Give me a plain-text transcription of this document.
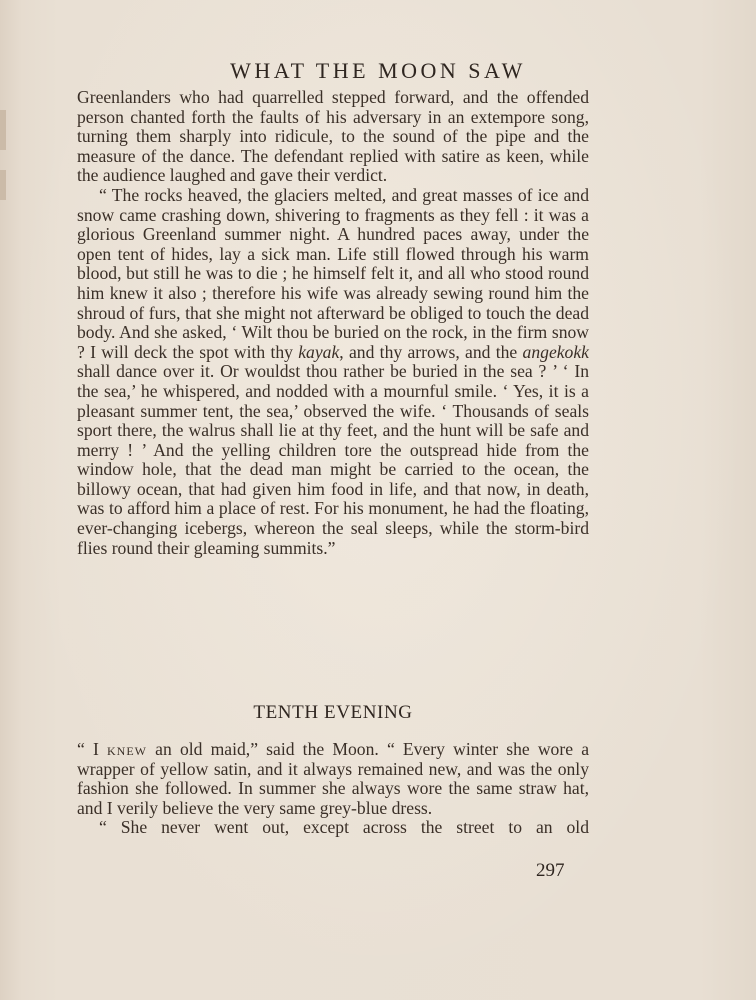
WHAT THE MOON SAW

Greenlanders who had quarrelled stepped forward, and the offended person chanted forth the faults of his adversary in an extempore song, turning them sharply into ridicule, to the sound of the pipe and the measure of the dance. The defendant replied with satire as keen, while the audience laughed and gave their verdict.

“ The rocks heaved, the glaciers melted, and great masses of ice and snow came crashing down, shivering to fragments as they fell : it was a glorious Greenland summer night. A hundred paces away, under the open tent of hides, lay a sick man. Life still flowed through his warm blood, but still he was to die ; he himself felt it, and all who stood round him knew it also ; therefore his wife was already sewing round him the shroud of furs, that she might not afterward be obliged to touch the dead body. And she asked, ‘ Wilt thou be buried on the rock, in the firm snow ? I will deck the spot with thy kayak, and thy arrows, and the angekokk shall dance over it. Or wouldst thou rather be buried in the sea ? ’ ‘ In the sea,’ he whispered, and nodded with a mournful smile. ‘ Yes, it is a pleasant summer tent, the sea,’ observed the wife. ‘ Thousands of seals sport there, the walrus shall lie at thy feet, and the hunt will be safe and merry ! ’ And the yelling children tore the outspread hide from the window hole, that the dead man might be carried to the ocean, the billowy ocean, that had given him food in life, and that now, in death, was to afford him a place of rest. For his monument, he had the floating, ever-changing icebergs, whereon the seal sleeps, while the storm-bird flies round their gleaming summits.”

TENTH EVENING

“ I knew an old maid,” said the Moon. “ Every winter she wore a wrapper of yellow satin, and it always remained new, and was the only fashion she followed. In summer she always wore the same straw hat, and I verily believe the very same grey-blue dress.

“ She never went out, except across the street to an old

297
